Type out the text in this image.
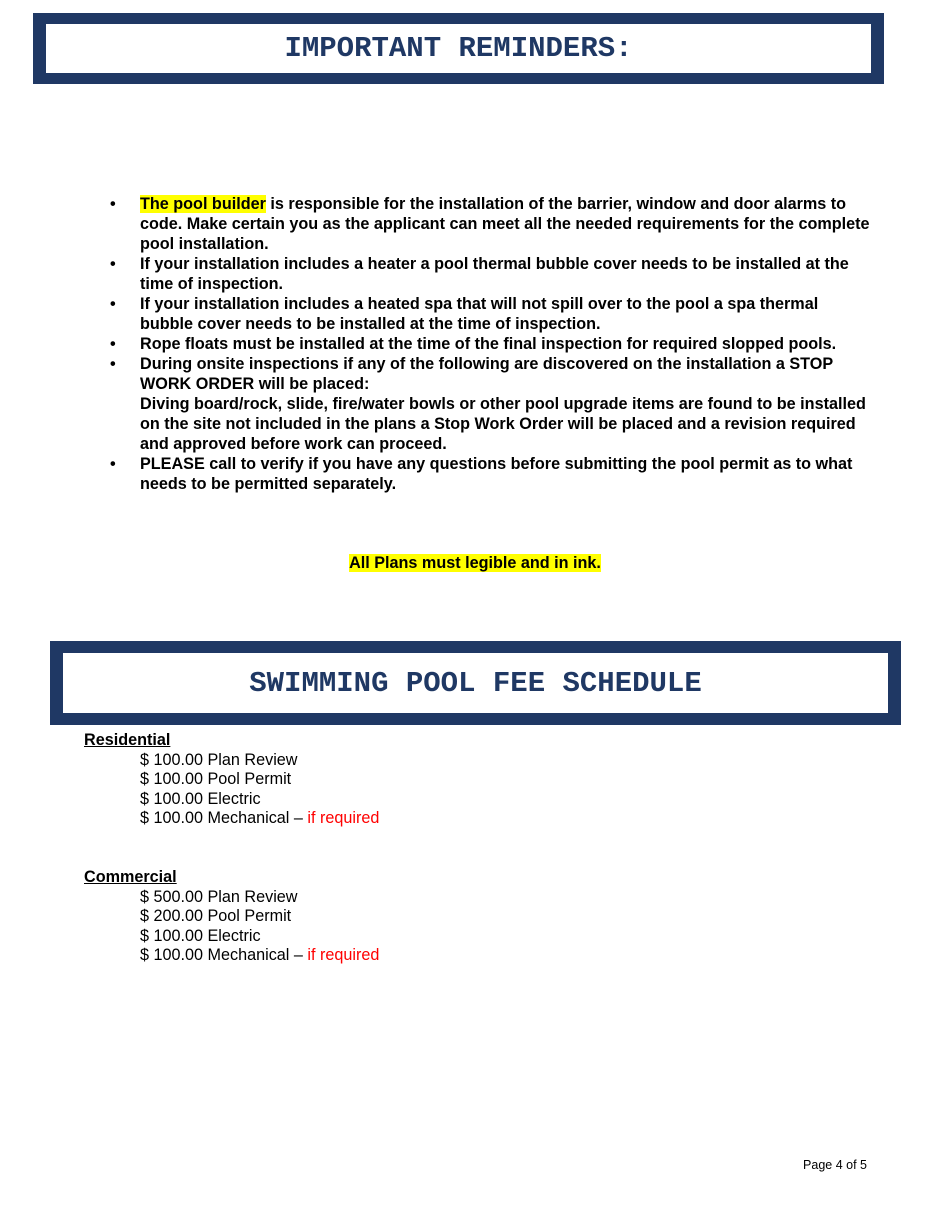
IMPORTANT REMINDERS:
• The pool builder is responsible for the installation of the barrier, window and door alarms to code. Make certain you as the applicant can meet all the needed requirements for the complete pool installation.
• If your installation includes a heater a pool thermal bubble cover needs to be installed at the time of inspection.
• If your installation includes a heated spa that will not spill over to the pool a spa thermal bubble cover needs to be installed at the time of inspection.
• Rope floats must be installed at the time of the final inspection for required slopped pools.
• During onsite inspections if any of the following are discovered on the installation a STOP WORK ORDER will be placed:
Diving board/rock, slide, fire/water bowls or other pool upgrade items are found to be installed on the site not included in the plans a Stop Work Order will be placed and a revision required and approved before work can proceed.
• PLEASE call to verify if you have any questions before submitting the pool permit as to what needs to be permitted separately.
All Plans must legible and in ink.
SWIMMING POOL FEE SCHEDULE
Residential
$ 100.00 Plan Review
$ 100.00 Pool Permit
$ 100.00 Electric
$ 100.00 Mechanical – if required
Commercial
$ 500.00 Plan Review
$ 200.00 Pool Permit
$ 100.00 Electric
$ 100.00 Mechanical – if required
Page 4 of 5
